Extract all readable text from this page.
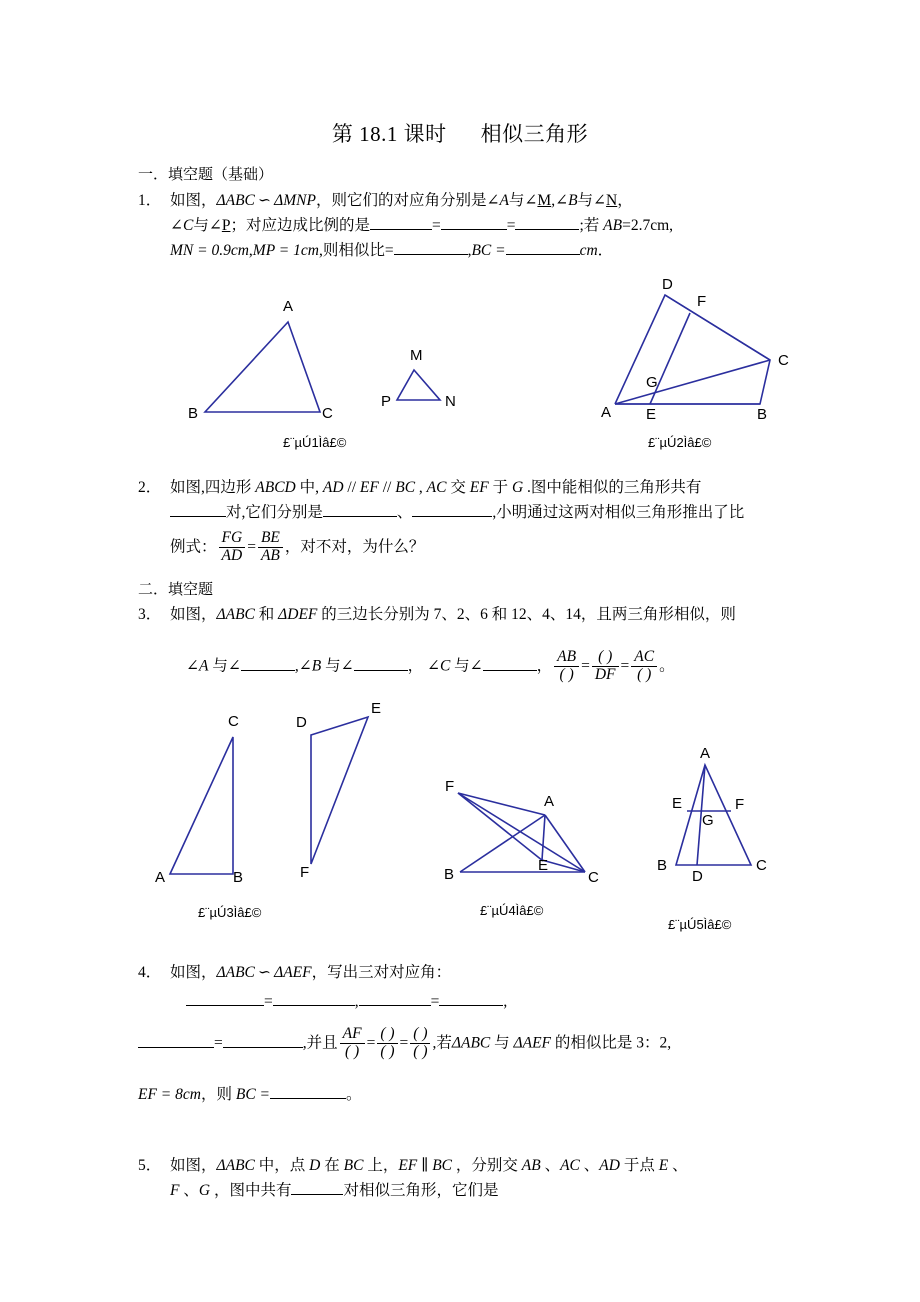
第 18.1 课时 相似三角形
一．填空题（基础）
1． 如图，ΔABC  ∽  ΔMNP，则它们的对应角分别是∠A与∠M,∠B与∠N，
∠C与∠P；对应边成比例的是	=	=	;若 AB=2.7cm,
MN = 0.9cm,MP = 1cm,则相似比=	,BC =	cm．
A
B	C
M
P	N
£¨µÚ1Ìâ£©
D
F
C
G
A E	B
£¨µÚ2Ìâ£©
2． 如图,四边形 ABCD 中, AD // EF // BC , AC 交 EF 于 G .图中能相似的三角形共有
对,它们分别是	、	,小明通过这两对相似三角形推出了比
例式： $\frac{FG}{AD} = \frac{BE}{AB}$ ，对不对，为什么？
二．填空题
3． 如图，ΔABC 和 ΔDEF 的三边长分别为 7、2、6 和 12、4、14，且两三角形相似，则
∠A 与∠	,∠B 与∠	， ∠C 与∠	， $\frac{AB}{( )} = \frac{( )}{DF} = \frac{AC}{( )}$ 。
C
A	B
D
E
F
£¨µÚ3Ìâ£©
F
A
B
E
C
£¨µÚ4Ìâ£©
A
E	F
G
B
D
C
£¨µÚ5Ìâ£©
4． 如图，ΔABC  ∽  ΔAEF，写出三对对应角：
=	,	=	,
=	,并且 $\frac{AF}{( )} = \frac{( )}{( )} = \frac{( )}{( )}$ ,若ΔABC 与 ΔAEF 的相似比是 3：2,
EF = 8cm，则 BC =	。
5． 如图，ΔABC 中，点 D 在 BC 上，EF ∥ BC ，分别交 AB 、AC 、AD 于点 E 、
F 、G ，图中共有	对相似三角形，它们是
